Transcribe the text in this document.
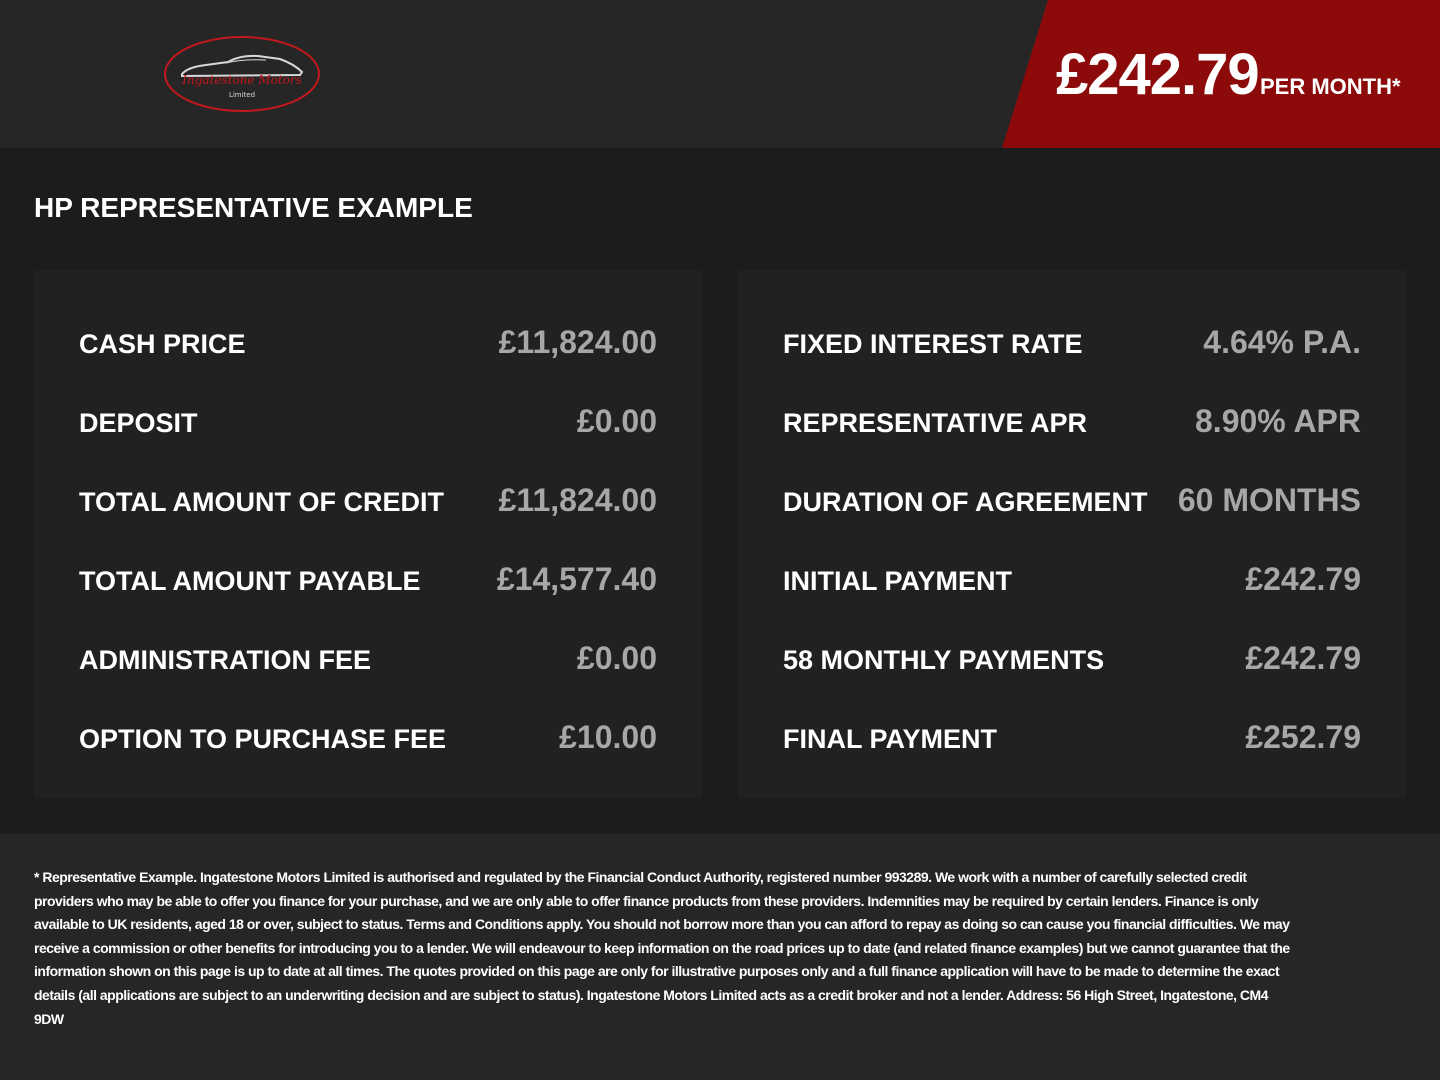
Ingatestone Motors
Limited	£242.79 PER MONTH*
HP REPRESENTATIVE EXAMPLE
CASH PRICE	£11,824.00
DEPOSIT	£0.00
TOTAL AMOUNT OF CREDIT £11,824.00
TOTAL AMOUNT PAYABLE £14,577.40
ADMINISTRATION FEE	£0.00
OPTION TO PURCHASE FEE	£10.00
FIXED INTEREST RATE	4.64% P.A.
REPRESENTATIVE APR	8.90% APR
DURATION OF AGREEMENT 60 MONTHS
INITIAL PAYMENT	£242.79
58 MONTHLY PAYMENTS	£242.79
FINAL PAYMENT	£252.79
* Representative Example. Ingatestone Motors Limited is authorised and regulated by the Financial Conduct Authority, registered number 993289. We work with a number of carefully selected credit providers who may be able to offer you finance for your purchase, and we are only able to offer finance products from these providers. Indemnities may be required by certain lenders. Finance is only available to UK residents, aged 18 or over, subject to status. Terms and Conditions apply. You should not borrow more than you can afford to repay as doing so can cause you financial difficulties. We may receive a commission or other benefits for introducing you to a lender. We will endeavour to keep information on the road prices up to date (and related finance examples) but we cannot guarantee that the information shown on this page is up to date at all times. The quotes provided on this page are only for illustrative purposes only and a full finance application will have to be made to determine the exact details (all applications are subject to an underwriting decision and are subject to status). Ingatestone Motors Limited acts as a credit broker and not a lender. Address: 56 High Street, Ingatestone, CM4 9DW
